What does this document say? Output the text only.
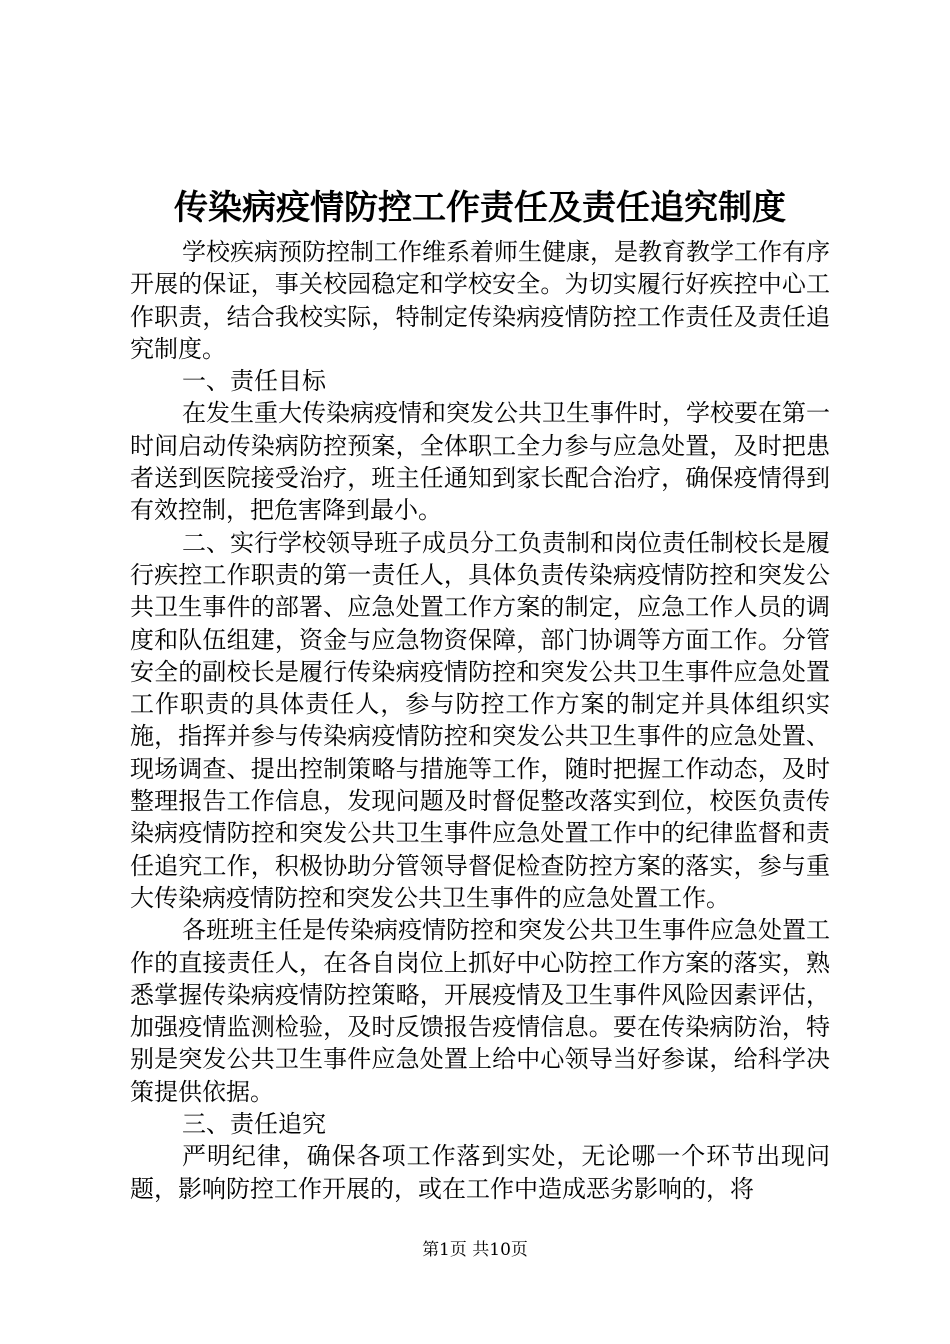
传染病疫情防控工作责任及责任追究制度

学校疾病预防控制工作维系着师生健康，是教育教学工作有序开展的保证，事关校园稳定和学校安全。为切实履行好疾控中心工作职责，结合我校实际，特制定传染病疫情防控工作责任及责任追究制度。

一、责任目标

在发生重大传染病疫情和突发公共卫生事件时，学校要在第一时间启动传染病防控预案，全体职工全力参与应急处置，及时把患者送到医院接受治疗，班主任通知到家长配合治疗，确保疫情得到有效控制，把危害降到最小。

二、实行学校领导班子成员分工负责制和岗位责任制校长是履行疾控工作职责的第一责任人，具体负责传染病疫情防控和突发公共卫生事件的部署、应急处置工作方案的制定，应急工作人员的调度和队伍组建，资金与应急物资保障，部门协调等方面工作。分管安全的副校长是履行传染病疫情防控和突发公共卫生事件应急处置工作职责的具体责任人，参与防控工作方案的制定并具体组织实施，指挥并参与传染病疫情防控和突发公共卫生事件的应急处置、现场调查、提出控制策略与措施等工作，随时把握工作动态，及时整理报告工作信息，发现问题及时督促整改落实到位，校医负责传染病疫情防控和突发公共卫生事件应急处置工作中的纪律监督和责任追究工作，积极协助分管领导督促检查防控方案的落实，参与重大传染病疫情防控和突发公共卫生事件的应急处置工作。

各班班主任是传染病疫情防控和突发公共卫生事件应急处置工作的直接责任人，在各自岗位上抓好中心防控工作方案的落实，熟悉掌握传染病疫情防控策略，开展疫情及卫生事件风险因素评估，加强疫情监测检验，及时反馈报告疫情信息。要在传染病防治，特别是突发公共卫生事件应急处置上给中心领导当好参谋，给科学决策提供依据。

三、责任追究

严明纪律，确保各项工作落到实处，无论哪一个环节出现问题，影响防控工作开展的，或在工作中造成恶劣影响的，将

第1页 共10页
